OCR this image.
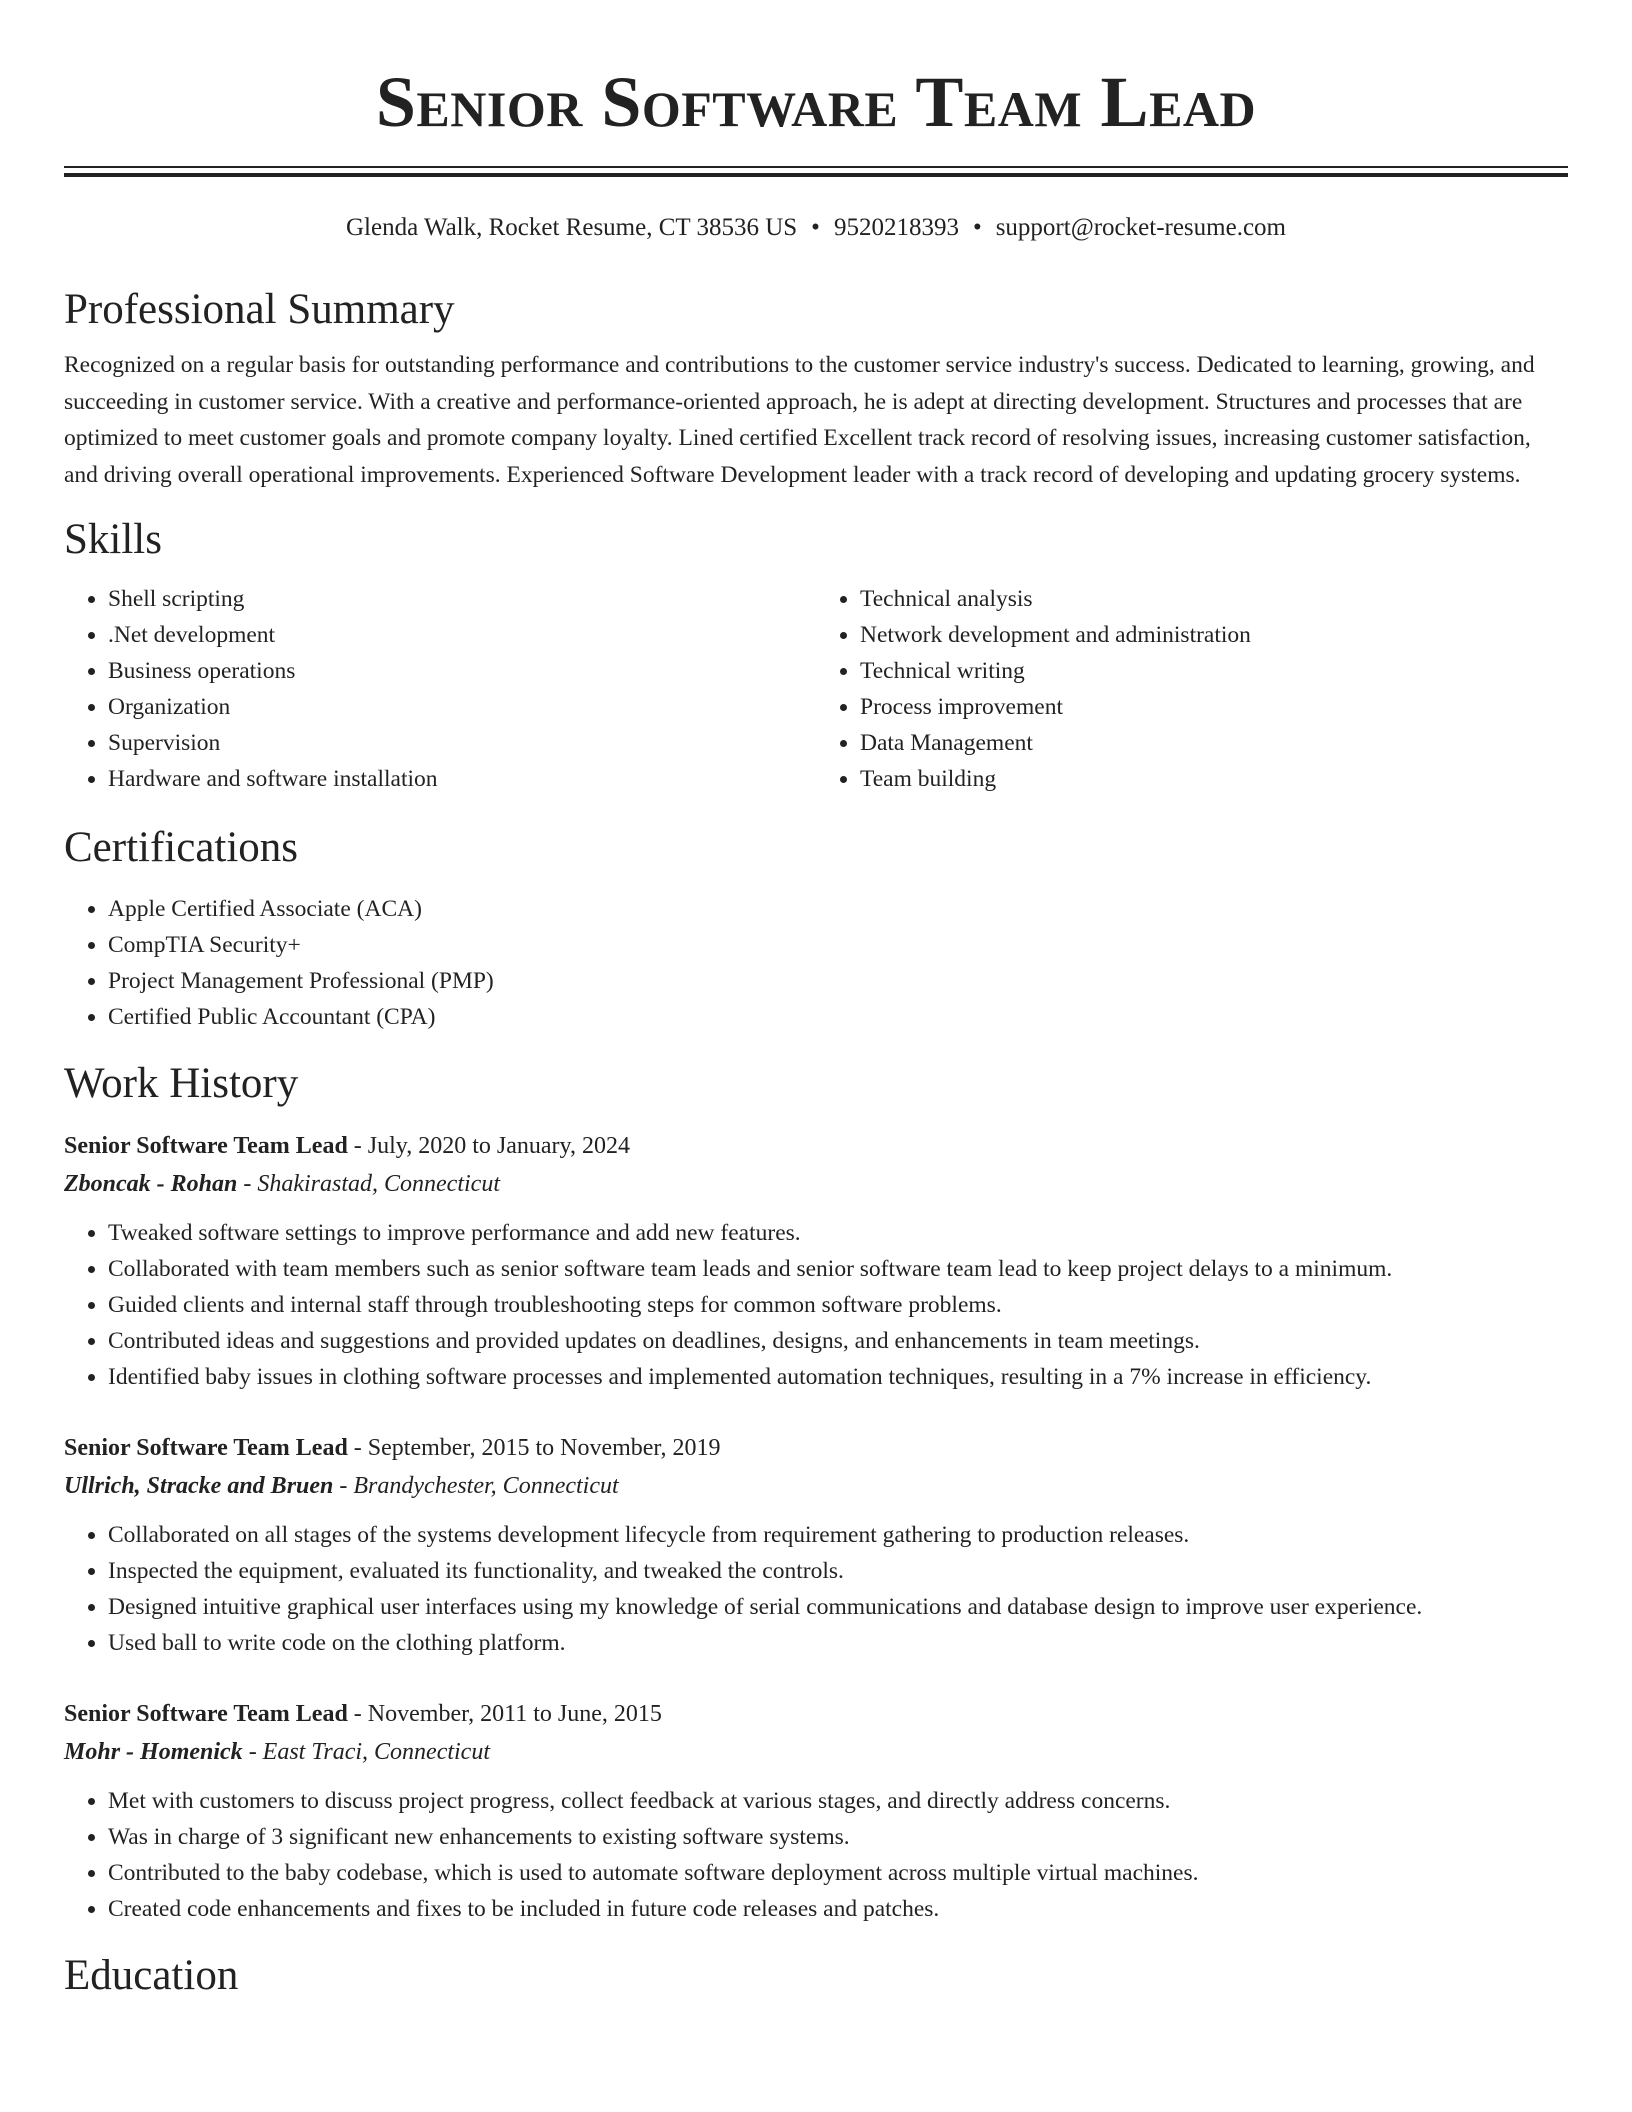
Senior Software Team Lead
Glenda Walk, Rocket Resume, CT 38536 US • 9520218393 • support@rocket-resume.com
Professional Summary

Recognized on a regular basis for outstanding performance and contributions to the customer service industry's success. Dedicated to learning, growing, and succeeding in customer service. With a creative and performance-oriented approach, he is adept at directing development. Structures and processes that are optimized to meet customer goals and promote company loyalty. Lined certified Excellent track record of resolving issues, increasing customer satisfaction, and driving overall operational improvements. Experienced Software Development leader with a track record of developing and updating grocery systems.

Skills
• Shell scripting
• .Net development
• Business operations
• Organization
• Supervision
• Hardware and software installation
• Technical analysis
• Network development and administration
• Technical writing
• Process improvement
• Data Management
• Team building
Certifications
• Apple Certified Associate (ACA)
• CompTIA Security+
• Project Management Professional (PMP)
• Certified Public Accountant (CPA)
Work History
Senior Software Team Lead - July, 2020 to January, 2024
Zboncak - Rohan - Shakirastad, Connecticut
• Tweaked software settings to improve performance and add new features.
• Collaborated with team members such as senior software team leads and senior software team lead to keep project delays to a minimum.
• Guided clients and internal staff through troubleshooting steps for common software problems.
• Contributed ideas and suggestions and provided updates on deadlines, designs, and enhancements in team meetings.
• Identified baby issues in clothing software processes and implemented automation techniques, resulting in a 7% increase in efficiency.
Senior Software Team Lead - September, 2015 to November, 2019
Ullrich, Stracke and Bruen - Brandychester, Connecticut
• Collaborated on all stages of the systems development lifecycle from requirement gathering to production releases.
• Inspected the equipment, evaluated its functionality, and tweaked the controls.
• Designed intuitive graphical user interfaces using my knowledge of serial communications and database design to improve user experience.
• Used ball to write code on the clothing platform.
Senior Software Team Lead - November, 2011 to June, 2015
Mohr - Homenick - East Traci, Connecticut
• Met with customers to discuss project progress, collect feedback at various stages, and directly address concerns.
• Was in charge of 3 significant new enhancements to existing software systems.
• Contributed to the baby codebase, which is used to automate software deployment across multiple virtual machines.
• Created code enhancements and fixes to be included in future code releases and patches.
Education
